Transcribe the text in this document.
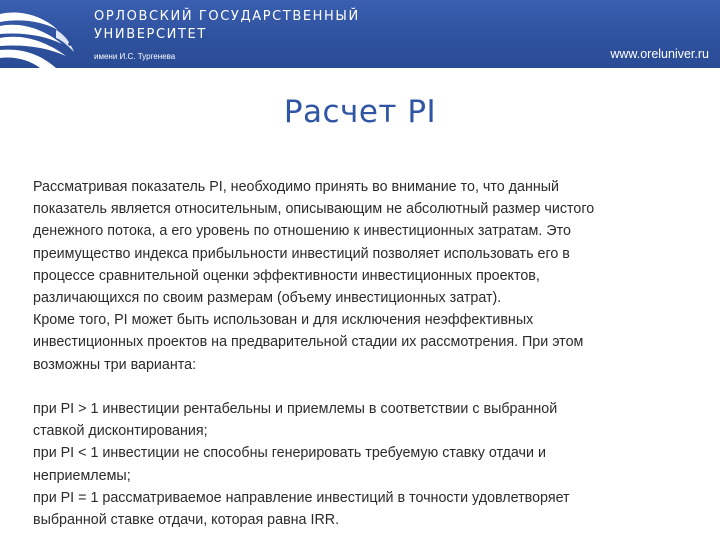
ОРЛОВСКИЙ ГОСУДАРСТВЕННЫЙ
УНИВЕРСИТЕТ
имени И.С. Тургенева	www.oreluniver.ru
Расчет PI

Рассматривая показатель PI, необходимо принять во внимание то, что данный

показатель является относительным, описывающим не абсолютный размер чистого

денежного потока, а его уровень по отношению к инвестиционных затратам. Это

преимущество индекса прибыльности инвестиций позволяет использовать его в

процессе сравнительной оценки эффективности инвестиционных проектов,

различающихся по своим размерам (объему инвестиционных затрат).

Кроме того, PI может быть использован и для исключения неэффективных

инвестиционных проектов на предварительной стадии их рассмотрения. При этом

возможны три варианта:

при PI > 1 инвестиции рентабельны и приемлемы в соответствии с выбранной

ставкой дисконтирования;

при PI < 1 инвестиции не способны генерировать требуемую ставку отдачи и

неприемлемы;

при PI = 1 рассматриваемое направление инвестиций в точности удовлетворяет

выбранной ставке отдачи, которая равна IRR.
